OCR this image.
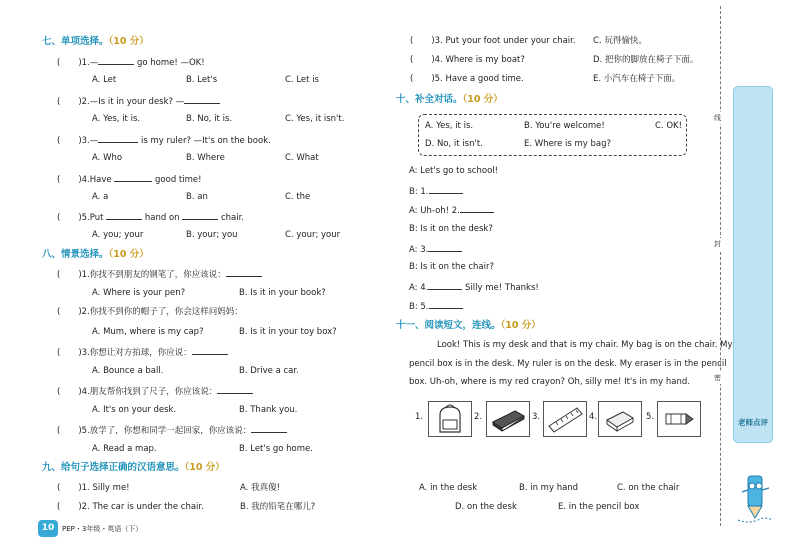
七、单项选择。（10 分）
( )1.—	go home! —OK!
A. Let	B. Let's	C. Let is
( )2.—Is it in your desk? —
A. Yes, it is.	B. No, it is.	C. Yes, it isn't.
( )3.—	is my ruler? —It's on the book.
A. Who	B. Where	C. What
( )4.Have	good time!
A. a	B. an	C. the
( )5.Put	hand on	chair.
A. you; your	B. your; you	C. your; your
八、情景选择。（10 分）
( )1.你找不到朋友的钢笔了，你应该说：
A. Where is your pen?	B. Is it in your book?
( )2.你找不到你的帽子了，你会这样问妈妈：
A. Mum, where is my cap?	B. Is it in your toy box?
( )3.你想让对方拍球，你应说：
A. Bounce a ball.	B. Drive a car.
( )4.朋友帮你找到了尺子，你应该说：
A. It's on your desk.	B. Thank you.
( )5.放学了，你想和同学一起回家，你应该说：
A. Read a map.	B. Let's go home.
九、给句子选择正确的汉语意思。（10 分）
( )1. Silly me!	A. 我真傻!
( )2. The car is under the chair.	B. 我的铅笔在哪儿?
( )3. Put your foot under your chair. C. 玩得愉快。
( )4. Where is my boat?	D. 把你的脚放在椅子下面。
( )5. Have a good time.	E. 小汽车在椅子下面。
十、补全对话。（10 分）
A. Yes, it is.	B. You're welcome!	C. OK!
D. No, it isn't.	E. Where is my bag?
A: Let's go to school!
B: 1.
A: Uh-oh! 2.
B: Is it on the desk?
A: 3.
B: Is it on the chair?
A: 4.	Silly me! Thanks!
B: 5.
十一、阅读短文，连线。（10 分）
Look! This is my desk and that is my chair. My bag is on the chair. My
pencil box is in the desk. My ruler is on the desk. My eraser is in the pencil
box. Uh-oh, where is my red crayon? Oh, silly me! It's in my hand.
1.	2.	3.	4.	5.
A. in the desk	B. in my hand	C. on the chair
D. on the desk	E. in the pencil box
线
封
密
老师点评
10	PEP・3年级・英语（下）
